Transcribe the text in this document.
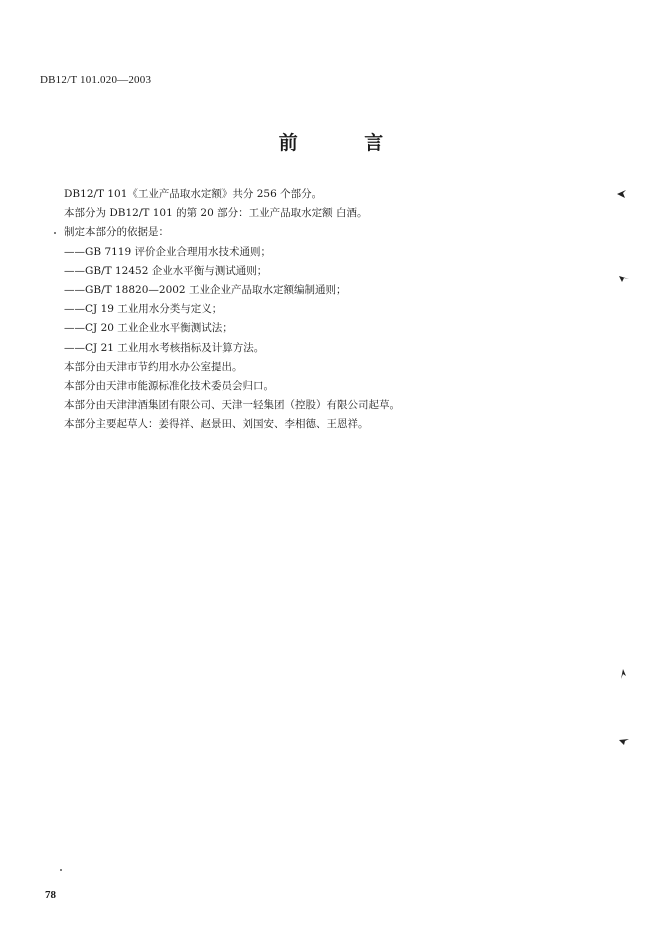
DB12/T 101.020—2003
前 言
DB12/T 101《工业产品取水定额》共分 256 个部分。
本部分为 DB12/T 101 的第 20 部分：工业产品取水定额 白酒。
制定本部分的依据是：
——GB 7119 评价企业合理用水技术通则；
——GB/T 12452 企业水平衡与测试通则；
——GB/T 18820—2002 工业企业产品取水定额编制通则；
——CJ 19 工业用水分类与定义；
——CJ 20 工业企业水平衡测试法；
——CJ 21 工业用水考核指标及计算方法。
本部分由天津市节约用水办公室提出。
本部分由天津市能源标准化技术委员会归口。
本部分由天津津酒集团有限公司、天津一轻集团（控股）有限公司起草。
本部分主要起草人：姜得祥、赵景田、刘国安、李相德、王恩祥。
78
